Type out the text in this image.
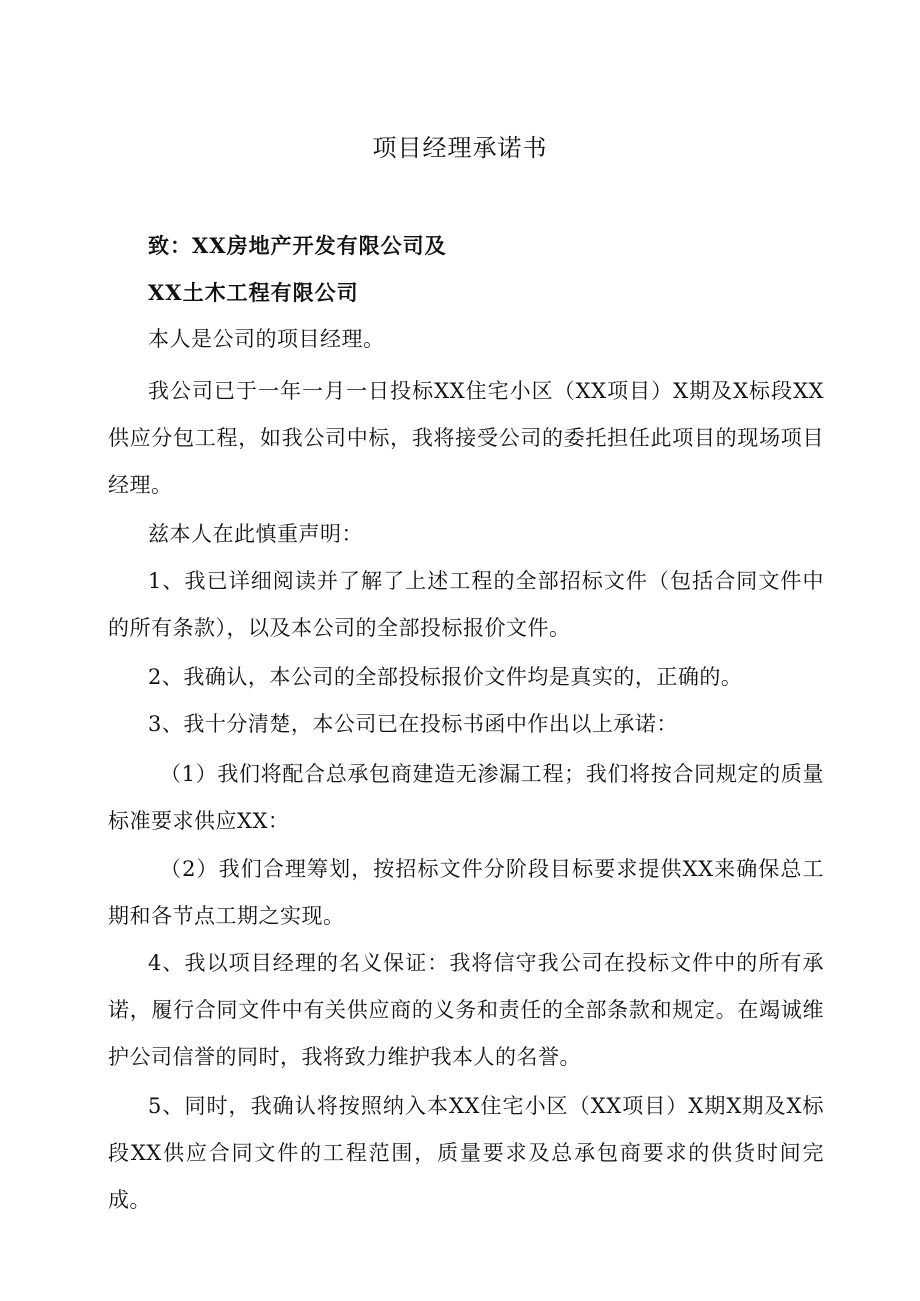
项目经理承诺书
致：XX房地产开发有限公司及
XX土木工程有限公司
本人是公司的项目经理。
我公司已于一年一月一日投标XX住宅小区（XX项目）X期及X标段XX供应分包工程，如我公司中标，我将接受公司的委托担任此项目的现场项目经理。
兹本人在此慎重声明：
1、我已详细阅读并了解了上述工程的全部招标文件（包括合同文件中的所有条款），以及本公司的全部投标报价文件。
2、我确认，本公司的全部投标报价文件均是真实的，正确的。
3、我十分清楚，本公司已在投标书函中作出以上承诺：
（1）我们将配合总承包商建造无渗漏工程；我们将按合同规定的质量标准要求供应XX：
（2）我们合理筹划，按招标文件分阶段目标要求提供XX来确保总工期和各节点工期之实现。
4、我以项目经理的名义保证：我将信守我公司在投标文件中的所有承诺，履行合同文件中有关供应商的义务和责任的全部条款和规定。在竭诚维护公司信誉的同时，我将致力维护我本人的名誉。
5、同时，我确认将按照纳入本XX住宅小区（XX项目）X期X期及X标段XX供应合同文件的工程范围，质量要求及总承包商要求的供货时间完成。
